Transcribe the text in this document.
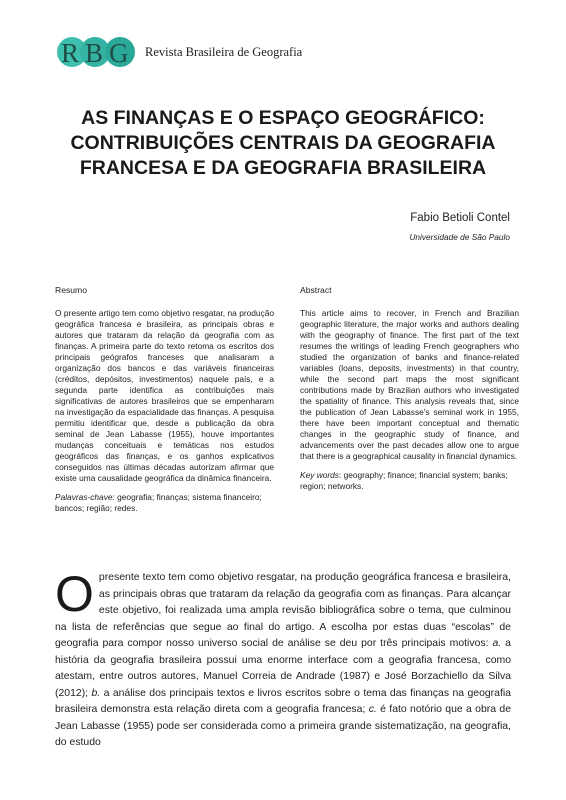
RBG Revista Brasileira de Geografia
AS FINANÇAS E O ESPAÇO GEOGRÁFICO: CONTRIBUIÇÕES CENTRAIS DA GEOGRAFIA FRANCESA E DA GEOGRAFIA BRASILEIRA
Fabio Betioli Contel
Universidade de São Paulo
Resumo

O presente artigo tem como objetivo resgatar, na produção geográfica francesa e brasileira, as principais obras e autores que trataram da relação da geografia com as finanças. A primeira parte do texto retoma os escritos dos principais geógrafos franceses que analisaram a organização dos bancos e das variáveis financeiras (créditos, depósitos, investimentos) naquele país, e a segunda parte identifica as contribuições mais significativas de autores brasileiros que se empenharam na investigação da espacialidade das finanças. A pesquisa permitiu identificar que, desde a publicação da obra seminal de Jean Labasse (1955), houve importantes mudanças conceituais e temáticas nos estudos geográficos das finanças, e os ganhos explicativos conseguidos nas últimas décadas autorizam afirmar que existe uma causalidade geográfica da dinâmica financeira.

Palavras-chave: geografia; finanças; sistema financeiro; bancos; região; redes.

Abstract

This article aims to recover, in French and Brazilian geographic literature, the major works and authors dealing with the geography of finance. The first part of the text resumes the writings of leading French geographers who studied the organization of banks and finance-related variables (loans, deposits, investments) in that country, while the second part maps the most significant contributions made by Brazilian authors who investigated the spatiality of finance. This analysis reveals that, since the publication of Jean Labasse's seminal work in 1955, there have been important conceptual and thematic changes in the geographic study of finance, and advancements over the past decades allow one to argue that there is a geographical causality in financial dynamics.

Key words: geography; finance; financial system; banks; region; networks.

O presente texto tem como objetivo resgatar, na produção geográfica francesa e brasileira, as principais obras que trataram da relação da geografia com as finanças. Para alcançar este objetivo, foi realizada uma ampla revisão bibliográfica sobre o tema, que culminou na lista de referências que segue ao final do artigo. A escolha por estas duas “escolas” de geografia para compor nosso universo social de análise se deu por três principais motivos: a. a história da geografia brasileira possui uma enorme interface com a geografia francesa, como atestam, entre outros autores, Manuel Correia de Andrade (1987) e José Borzachiello da Silva (2012); b. a análise dos principais textos e livros escritos sobre o tema das finanças na geografia brasileira demonstra esta relação direta com a geografia francesa; c. é fato notório que a obra de Jean Labasse (1955) pode ser considerada como a primeira grande sistematização, na geografia, do estudo
